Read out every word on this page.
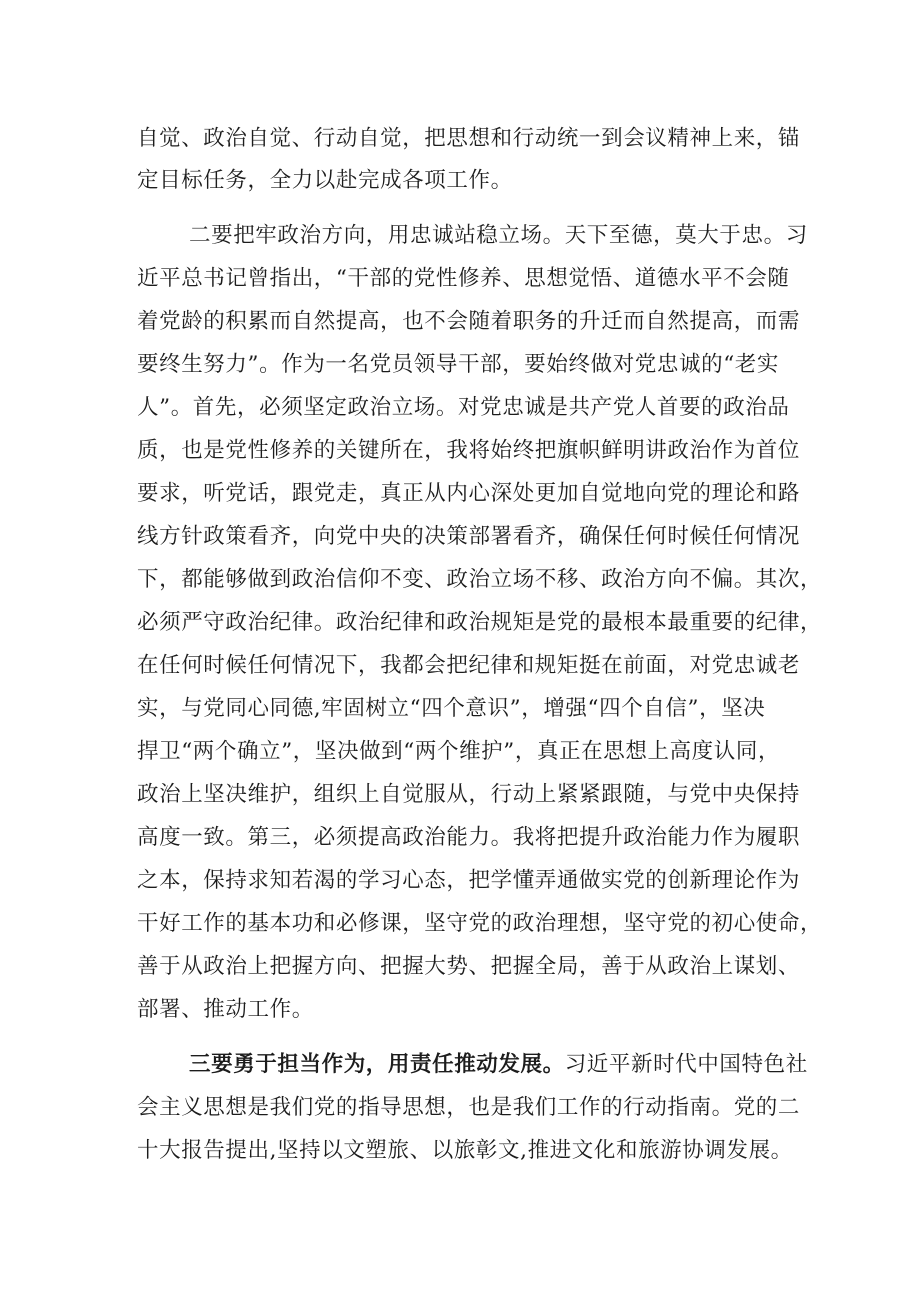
自觉、政治自觉、行动自觉，把思想和行动统一到会议精神上来，锚
定目标任务，全力以赴完成各项工作。
二要把牢政治方向，用忠诚站稳立场。天下至德，莫大于忠。习
近平总书记曾指出，“干部的党性修养、思想觉悟、道德水平不会随
着党龄的积累而自然提高，也不会随着职务的升迁而自然提高，而需
要终生努力”。作为一名党员领导干部，要始终做对党忠诚的“老实
人”。首先，必须坚定政治立场。对党忠诚是共产党人首要的政治品
质，也是党性修养的关键所在，我将始终把旗帜鲜明讲政治作为首位
要求，听党话，跟党走，真正从内心深处更加自觉地向党的理论和路
线方针政策看齐，向党中央的决策部署看齐，确保任何时候任何情况
下，都能够做到政治信仰不变、政治立场不移、政治方向不偏。其次，
必须严守政治纪律。政治纪律和政治规矩是党的最根本最重要的纪律，
在任何时候任何情况下，我都会把纪律和规矩挺在前面，对党忠诚老
实，与党同心同德,牢固树立“四个意识”，增强“四个自信”，坚决
捍卫“两个确立”，坚决做到“两个维护”，真正在思想上高度认同，
政治上坚决维护，组织上自觉服从，行动上紧紧跟随，与党中央保持
高度一致。第三，必须提高政治能力。我将把提升政治能力作为履职
之本，保持求知若渴的学习心态，把学懂弄通做实党的创新理论作为
干好工作的基本功和必修课，坚守党的政治理想，坚守党的初心使命，
善于从政治上把握方向、把握大势、把握全局，善于从政治上谋划、
部署、推动工作。
三要勇于担当作为，用责任推动发展。习近平新时代中国特色社
会主义思想是我们党的指导思想，也是我们工作的行动指南。党的二
十大报告提出,坚持以文塑旅、以旅彰文,推进文化和旅游协调发展。
